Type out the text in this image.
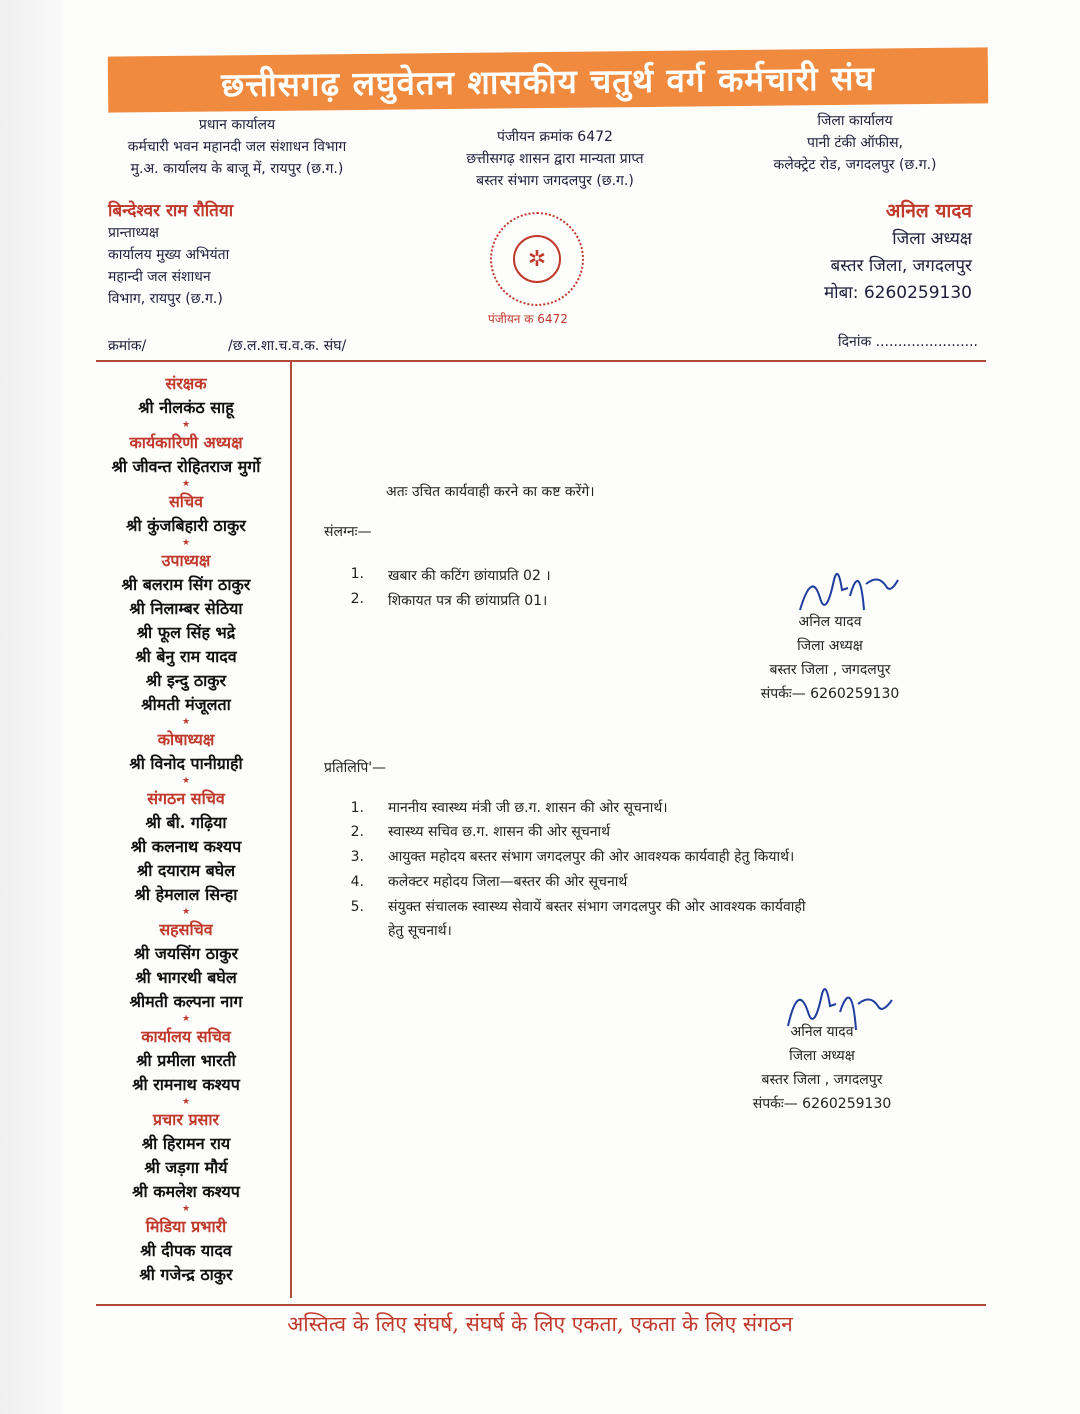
छत्तीसगढ़ लघुवेतन शासकीय चतुर्थ वर्ग कर्मचारी संघ
प्रधान कार्यालय
कर्मचारी भवन महानदी जल संशाधन विभाग
मु.अ. कार्यालय के बाजू में, रायपुर (छ.ग.)
पंजीयन क्रमांक 6472
छत्तीसगढ़ शासन द्वारा मान्यता प्राप्त
बस्तर संभाग जगदलपुर (छ.ग.)
जिला कार्यालय
पानी टंकी ऑफीस,
कलेक्ट्रेट रोड, जगदलपुर (छ.ग.)
बिन्देश्वर राम रौतिया
प्रान्ताध्यक्ष
कार्यालय मुख्य अभियंता
महान्दी जल संशाधन
विभाग, रायपुर (छ.ग.)
✲
पंजीयन क 6472
अनिल यादव
जिला अध्यक्ष
बस्तर जिला, जगदलपुर
मोबा: 6260259130
क्रमांक/	/छ.ल.शा.च.व.क. संघ/	दिनांक .......................
संरक्षक
श्री नीलकंठ साहू
★
कार्यकारिणी अध्यक्ष
श्री जीवन्त रोहितराज मुर्गो
★
सचिव
श्री कुंजबिहारी ठाकुर
★
उपाध्यक्ष
श्री बलराम सिंग ठाकुर
श्री निलाम्बर सेठिया
श्री फूल सिंह भद्रे
श्री बेनु राम यादव
श्री इन्दु ठाकुर
श्रीमती मंजूलता
★
कोषाध्यक्ष
श्री विनोद पानीग्राही
★
संगठन सचिव
श्री बी. गढ़िया
श्री कलनाथ कश्यप
श्री दयाराम बघेल
श्री हेमलाल सिन्हा
★
सहसचिव
श्री जयसिंग ठाकुर
श्री भागरथी बघेल
श्रीमती कल्पना नाग
★
कार्यालय सचिव
श्री प्रमीला भारती
श्री रामनाथ कश्यप
★
प्रचार प्रसार
श्री हिरामन राय
श्री जड़गा मौर्य
श्री कमलेश कश्यप
★
मिडिया प्रभारी
श्री दीपक यादव
श्री गजेन्द्र ठाकुर
अतः उचित कार्यवाही करने का कष्ट करेंगे।
संलग्नः—
1. खबार की कटिंग छांयाप्रति 02 ।
2. शिकायत पत्र की छांयाप्रति 01।
प्रतिलिपि'—
1. माननीय स्वास्थ्य मंत्री जी छ.ग. शासन की ओर सूचनार्थ।
2. स्वास्थ्य सचिव छ.ग. शासन की ओर सूचनार्थ
3. आयुक्त महोदय बस्तर संभाग जगदलपुर की ओर आवश्यक कार्यवाही हेतु कियार्थ।
4. कलेक्टर महोदय जिला—बस्तर की ओर सूचनार्थ
5. संयुक्त संचालक स्वास्थ्य सेवायें बस्तर संभाग जगदलपुर की ओर आवश्यक कार्यवाही
हेतु सूचनार्थ।
अनिल यादव
जिला अध्यक्ष
बस्तर जिला , जगदलपुर
संपर्कः— 6260259130
अनिल यादव
जिला अध्यक्ष
बस्तर जिला , जगदलपुर
संपर्कः— 6260259130
अस्तित्व के लिए संघर्ष, संघर्ष के लिए एकता, एकता के लिए संगठन
